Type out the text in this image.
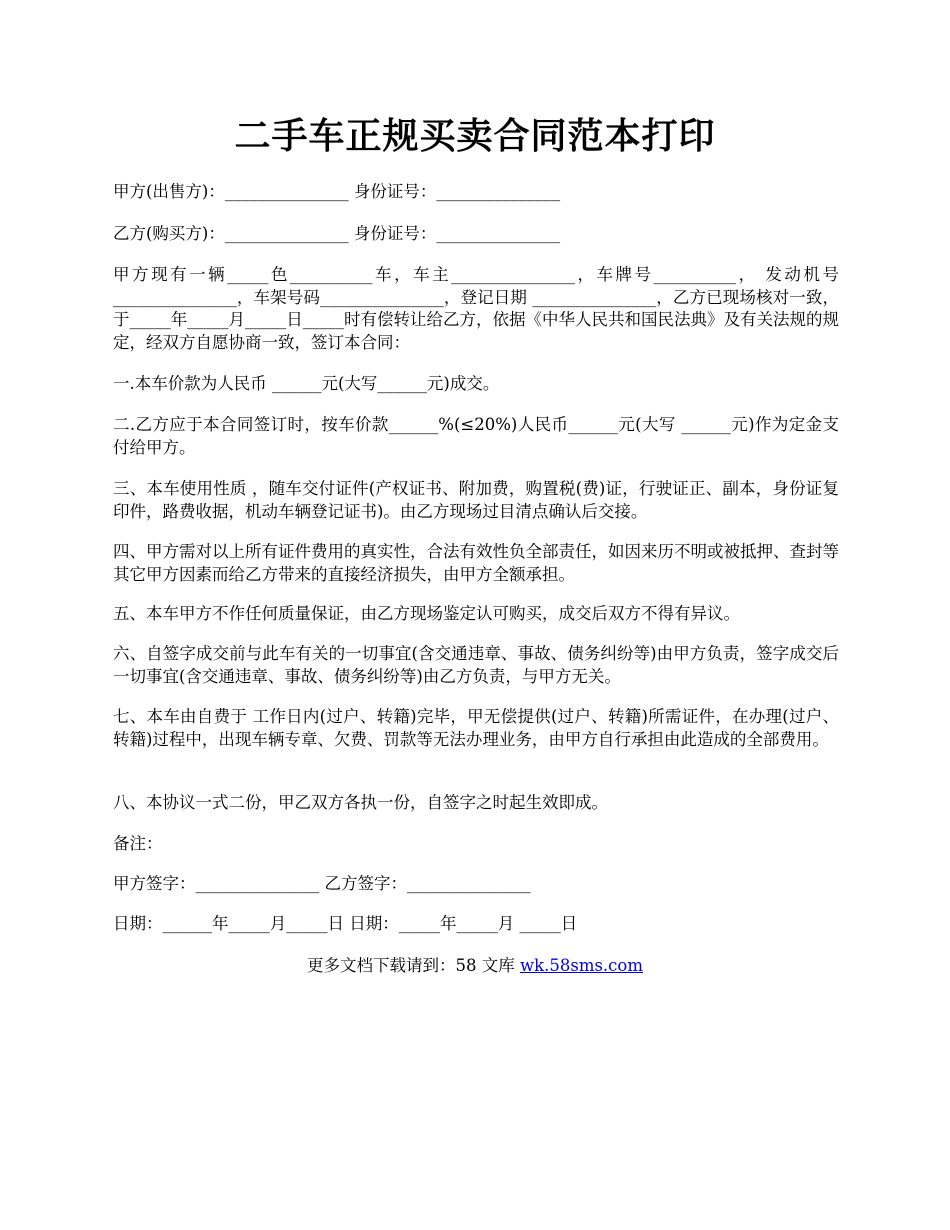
二手车正规买卖合同范本打印

甲方(出售方)：_______________ 身份证号：_______________

乙方(购买方)：_______________ 身份证号：_______________

甲方现有一辆_____色__________车，车主_______________，车牌号__________， 发动机号_______________，车架号码_______________，登记日期 _______________，乙方已现场核对一致，于_____年_____月_____日_____时有偿转让给乙方，依据《中华人民共和国民法典》及有关法规的规定，经双方自愿协商一致，签订本合同：

一.本车价款为人民币 ______元(大写______元)成交。

二.乙方应于本合同签订时，按车价款______%(≤20%)人民币______元(大写 ______元)作为定金支付给甲方。

三、本车使用性质 ，随车交付证件(产权证书、附加费，购置税(费)证，行驶证正、副本，身份证复印件，路费收据，机动车辆登记证书)。由乙方现场过目清点确认后交接。

四、甲方需对以上所有证件费用的真实性，合法有效性负全部责任，如因来历不明或被抵押、查封等其它甲方因素而给乙方带来的直接经济损失，由甲方全额承担。

五、本车甲方不作任何质量保证，由乙方现场鉴定认可购买，成交后双方不得有异议。

六、自签字成交前与此车有关的一切事宜(含交通违章、事故、债务纠纷等)由甲方负责，签字成交后一切事宜(含交通违章、事故、债务纠纷等)由乙方负责，与甲方无关。

七、本车由自费于 工作日内(过户、转籍)完毕，甲无偿提供(过户、转籍)所需证件，在办理(过户、转籍)过程中，出现车辆专章、欠费、罚款等无法办理业务，由甲方自行承担由此造成的全部费用。

八、本协议一式二份，甲乙双方各执一份，自签字之时起生效即成。

备注：

甲方签字：_______________ 乙方签字：_______________

日期：______年_____月_____日 日期：_____年_____月 _____日

更多文档下载请到：58 文库 wk.58sms.com
